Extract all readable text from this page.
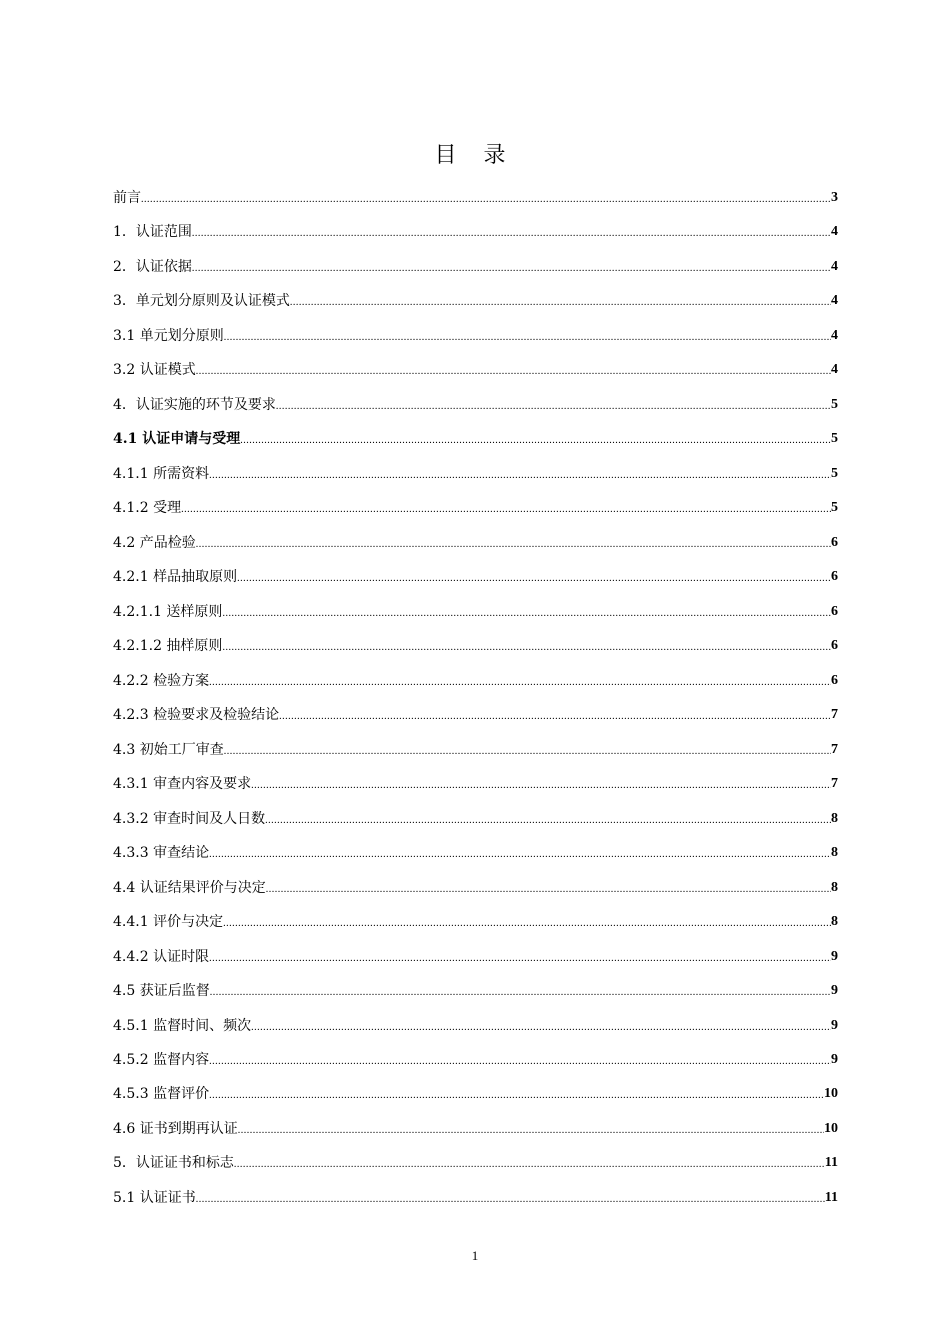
目 录
前言 .....	3
1．认证范围 .....	4
2．认证依据 .....	4
3．单元划分原则及认证模式 .....	4
3.1 单元划分原则 .....	4
3.2 认证模式 .....	4
4．认证实施的环节及要求 .....	5
4.1 认证申请与受理 .....	5
4.1.1 所需资料 .....	5
4.1.2 受理 .....	5
4.2 产品检验 .....	6
4.2.1 样品抽取原则 .....	6
4.2.1.1 送样原则 .....	6
4.2.1.2 抽样原则 .....	6
4.2.2 检验方案 .....	6
4.2.3 检验要求及检验结论 .....	7
4.3 初始工厂审查 .....	7
4.3.1 审查内容及要求 .....	7
4.3.2 审查时间及人日数 .....	8
4.3.3 审查结论 .....	8
4.4 认证结果评价与决定 .....	8
4.4.1 评价与决定 .....	8
4.4.2 认证时限 .....	9
4.5 获证后监督 .....	9
4.5.1 监督时间、频次 .....	9
4.5.2 监督内容 .....	9
4.5.3 监督评价 .....	10
4.6 证书到期再认证 .....	10
5．认证证书和标志 .....	11
5.1 认证证书 .....	11
1
